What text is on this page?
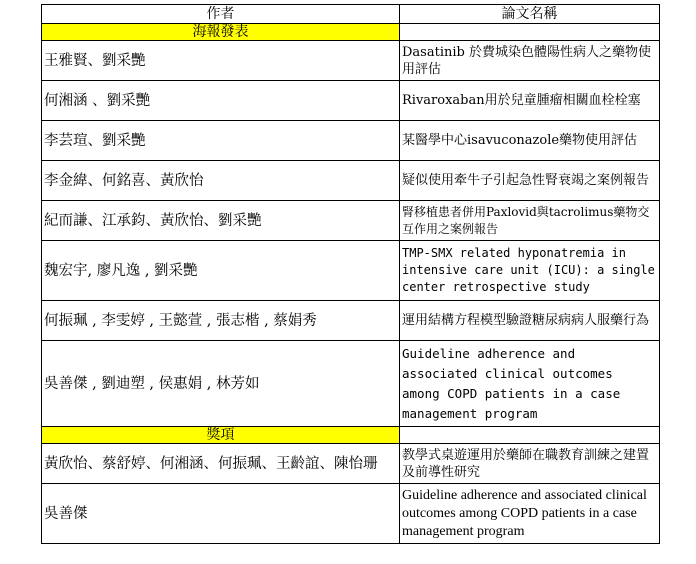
作者	論文名稱
海報發表	
王雅賢、劉采艷	Dasatinib 於費城染色體陽性病人之藥物使用評估
何湘涵 、劉采艷	Rivaroxaban用於兒童腫瘤相關血栓栓塞
李芸瑄、劉采艷	某醫學中心isavuconazole藥物使用評估
李金緯、何銘喜、黃欣怡	疑似使用牽牛子引起急性腎衰竭之案例報告
紀而謙、江承鈞、黃欣怡、劉采艷	腎移植患者併用Paxlovid與tacrolimus藥物交互作用之案例報告
魏宏宇, 廖凡逸 , 劉采艷	TMP-SMX related hyponatremia in intensive care unit (ICU): a single center retrospective study
何振珮 , 李雯婷 , 王懿萱 , 張志楷 , 蔡娟秀	運用結構方程模型驗證糖尿病病人服藥行為
吳善傑 , 劉迪塑 , 侯惠娟 , 林芳如	Guideline adherence and associated clinical outcomes among COPD patients in a case management program
獎項	
黃欣怡、蔡舒婷、何湘涵、何振珮、王齡誼、陳怡珊	教學式桌遊運用於藥師在職教育訓練之建置及前導性研究
吳善傑	Guideline adherence and associated clinical outcomes among COPD patients in a case management program
